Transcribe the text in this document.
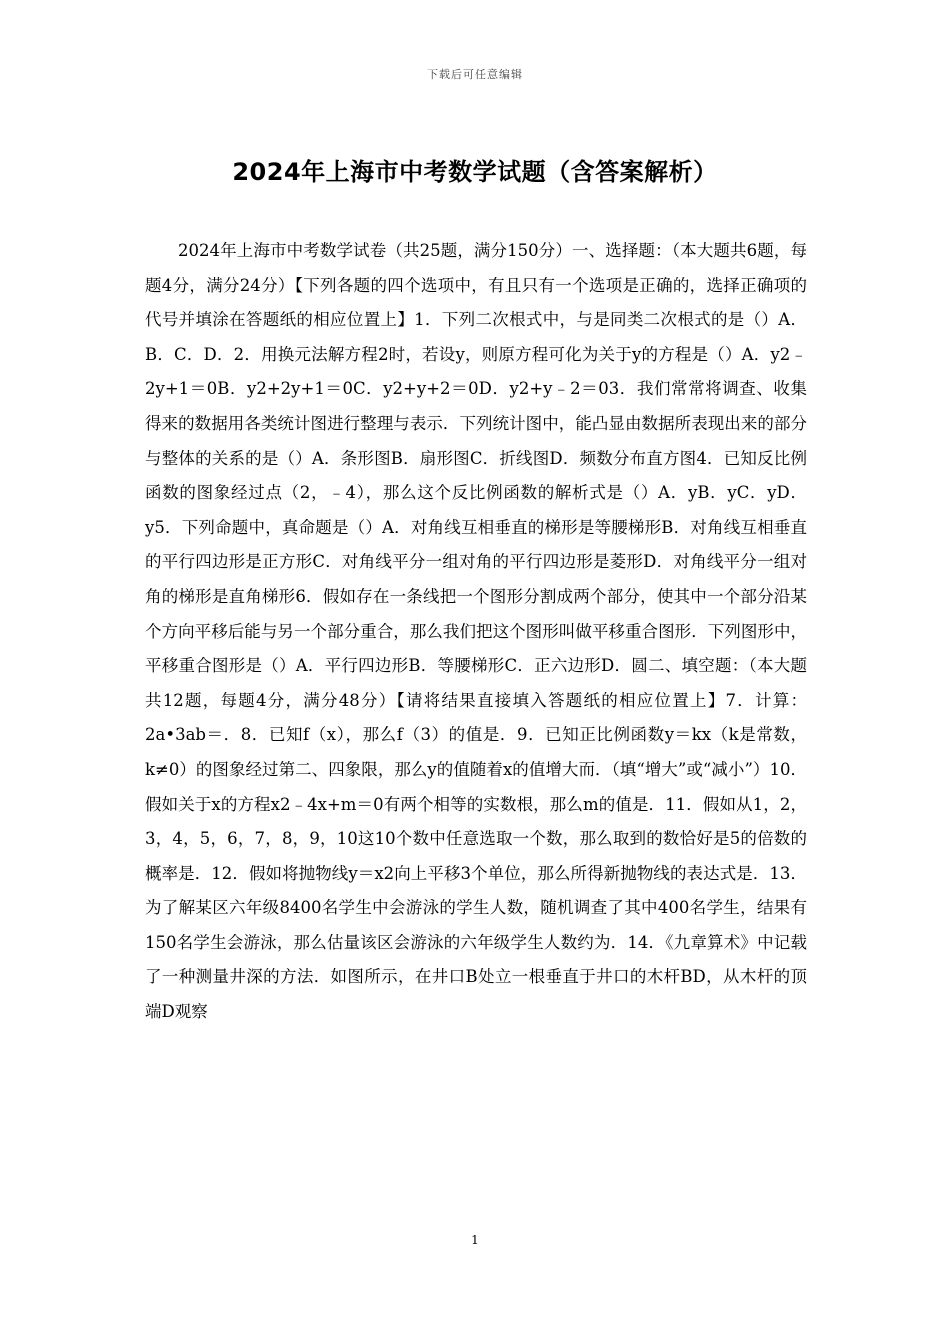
下载后可任意编辑
2024年上海市中考数学试题（含答案解析）

2024年上海市中考数学试卷（共25题，满分150分）一、选择题：（本大题共6题，每题4分，满分24分）【下列各题的四个选项中，有且只有一个选项是正确的，选择正确项的代号并填涂在答题纸的相应位置上】1．下列二次根式中，与是同类二次根式的是（）A．B．C．D．2．用换元法解方程2时，若设y，则原方程可化为关于y的方程是（）A．y2﹣2y+1＝0B．y2+2y+1＝0C．y2+y+2＝0D．y2+y﹣2＝03．我们常常将调查、收集得来的数据用各类统计图进行整理与表示．下列统计图中，能凸显由数据所表现出来的部分与整体的关系的是（）A．条形图B．扇形图C．折线图D．频数分布直方图4．已知反比例函数的图象经过点（2，﹣4），那么这个反比例函数的解析式是（）A．yB．yC．yD．y5．下列命题中，真命题是（）A．对角线互相垂直的梯形是等腰梯形B．对角线互相垂直的平行四边形是正方形C．对角线平分一组对角的平行四边形是菱形D．对角线平分一组对角的梯形是直角梯形6．假如存在一条线把一个图形分割成两个部分，使其中一个部分沿某个方向平移后能与另一个部分重合，那么我们把这个图形叫做平移重合图形．下列图形中，平移重合图形是（）A．平行四边形B．等腰梯形C．正六边形D．圆二、填空题：（本大题共12题，每题4分，满分48分）【请将结果直接填入答题纸的相应位置上】7．计算：2a•3ab＝．8．已知f（x），那么f（3）的值是．9．已知正比例函数y＝kx（k是常数，k≠0）的图象经过第二、四象限，那么y的值随着x的值增大而．（填“增大”或“减小”）10．假如关于x的方程x2﹣4x+m＝0有两个相等的实数根，那么m的值是．11．假如从1，2，3，4，5，6，7，8，9，10这10个数中任意选取一个数，那么取到的数恰好是5的倍数的概率是．12．假如将抛物线y＝x2向上平移3个单位，那么所得新抛物线的表达式是．13．为了解某区六年级8400名学生中会游泳的学生人数，随机调查了其中400名学生，结果有150名学生会游泳，那么估量该区会游泳的六年级学生人数约为．14．《九章算术》中记载了一种测量井深的方法．如图所示，在井口B处立一根垂直于井口的木杆BD，从木杆的顶端D观察

1
